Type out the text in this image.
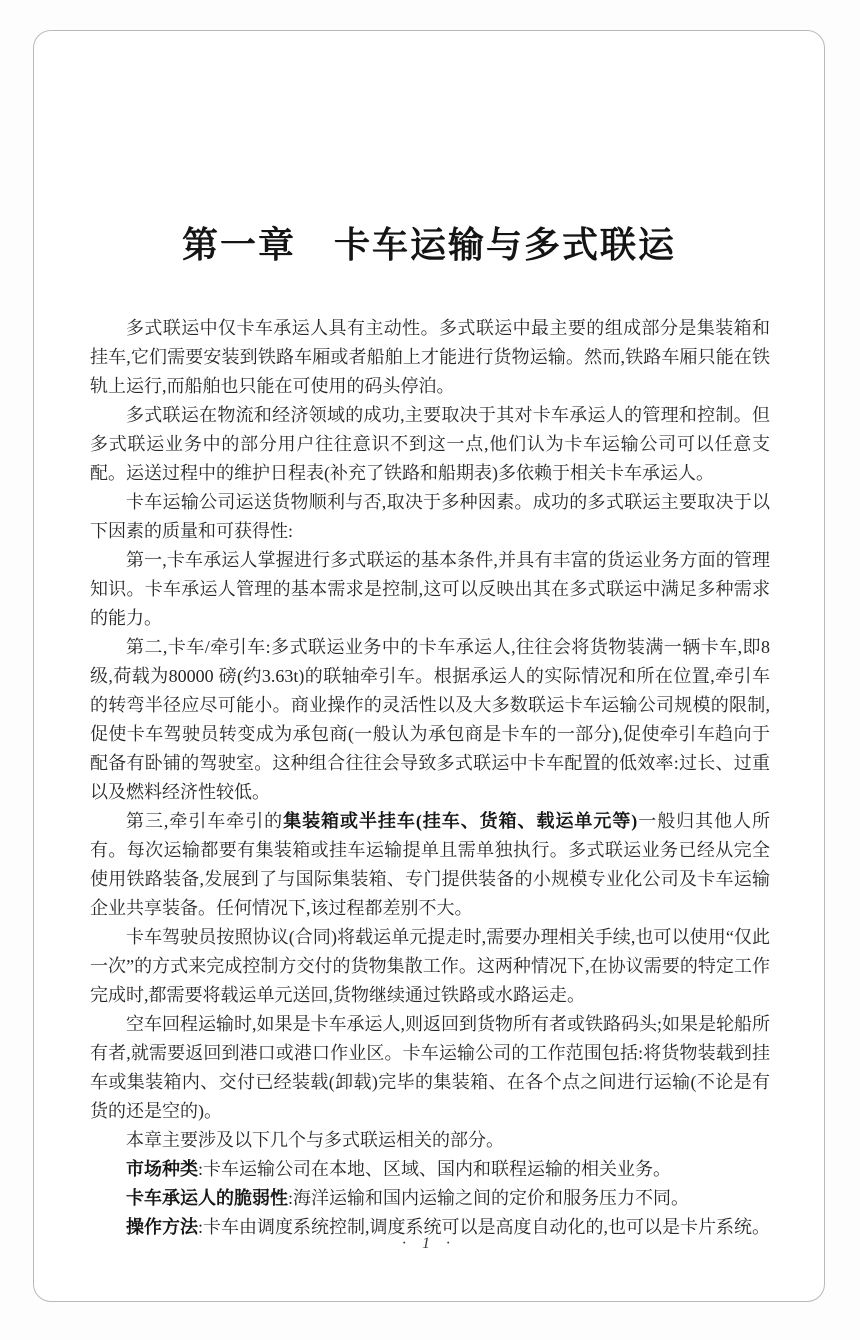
第一章　卡车运输与多式联运

多式联运中仅卡车承运人具有主动性。多式联运中最主要的组成部分是集装箱和挂车,它们需要安装到铁路车厢或者船舶上才能进行货物运输。然而,铁路车厢只能在铁轨上运行,而船舶也只能在可使用的码头停泊。

多式联运在物流和经济领域的成功,主要取决于其对卡车承运人的管理和控制。但多式联运业务中的部分用户往往意识不到这一点,他们认为卡车运输公司可以任意支配。运送过程中的维护日程表(补充了铁路和船期表)多依赖于相关卡车承运人。

卡车运输公司运送货物顺利与否,取决于多种因素。成功的多式联运主要取决于以下因素的质量和可获得性:

第一,卡车承运人掌握进行多式联运的基本条件,并具有丰富的货运业务方面的管理知识。卡车承运人管理的基本需求是控制,这可以反映出其在多式联运中满足多种需求的能力。

第二,卡车/牵引车:多式联运业务中的卡车承运人,往往会将货物装满一辆卡车,即8级,荷载为80000 磅(约3.63t)的联轴牵引车。根据承运人的实际情况和所在位置,牵引车的转弯半径应尽可能小。商业操作的灵活性以及大多数联运卡车运输公司规模的限制,促使卡车驾驶员转变成为承包商(一般认为承包商是卡车的一部分),促使牵引车趋向于配备有卧铺的驾驶室。这种组合往往会导致多式联运中卡车配置的低效率:过长、过重以及燃料经济性较低。

第三,牵引车牵引的集装箱或半挂车(挂车、货箱、载运单元等)一般归其他人所有。每次运输都要有集装箱或挂车运输提单且需单独执行。多式联运业务已经从完全使用铁路装备,发展到了与国际集装箱、专门提供装备的小规模专业化公司及卡车运输企业共享装备。任何情况下,该过程都差别不大。

卡车驾驶员按照协议(合同)将载运单元提走时,需要办理相关手续,也可以使用“仅此一次”的方式来完成控制方交付的货物集散工作。这两种情况下,在协议需要的特定工作完成时,都需要将载运单元送回,货物继续通过铁路或水路运走。

空车回程运输时,如果是卡车承运人,则返回到货物所有者或铁路码头;如果是轮船所有者,就需要返回到港口或港口作业区。卡车运输公司的工作范围包括:将货物装载到挂车或集装箱内、交付已经装载(卸载)完毕的集装箱、在各个点之间进行运输(不论是有货的还是空的)。

本章主要涉及以下几个与多式联运相关的部分。

市场种类:卡车运输公司在本地、区域、国内和联程运输的相关业务。

卡车承运人的脆弱性:海洋运输和国内运输之间的定价和服务压力不同。

操作方法:卡车由调度系统控制,调度系统可以是高度自动化的,也可以是卡片系统。

· 1 ·
